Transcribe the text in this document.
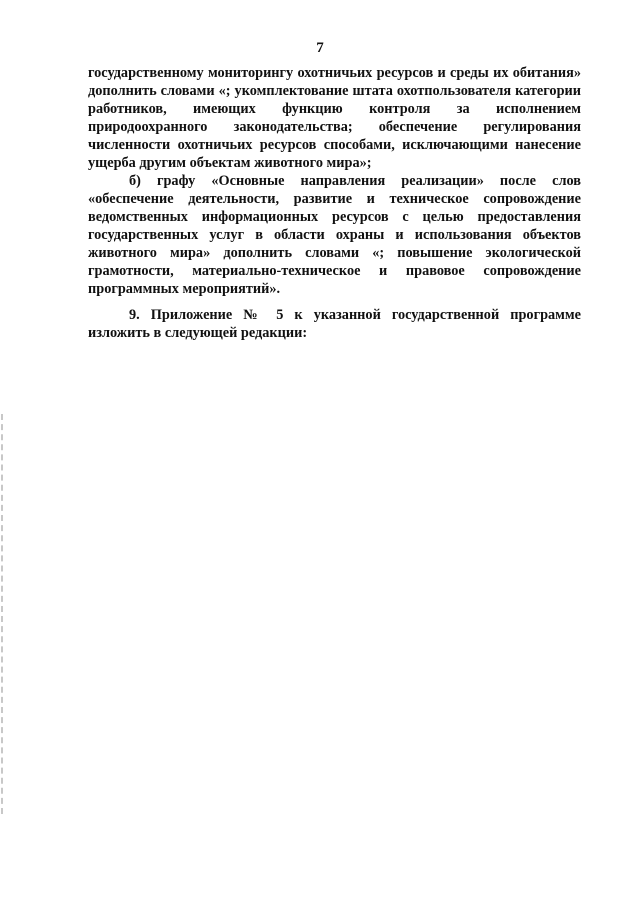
7

государственному мониторингу охотничьих ресурсов и среды их обитания» дополнить словами «; укомплектование штата охотпользователя категории работников, имеющих функцию контроля за исполнением природоохранного законодательства; обеспечение регулирования численности охотничьих ресурсов способами, исключающими нанесение ущерба другим объектам животного мира»;

б) графу «Основные направления реализации» после слов «обеспечение деятельности, развитие и техническое сопровождение ведомственных информационных ресурсов с целью предоставления государственных услуг в области охраны и использования объектов животного мира» дополнить словами «; повышение экологической грамотности, материально-техническое и правовое сопровождение программных мероприятий».

9. Приложение № 5 к указанной государственной программе изложить в следующей редакции:
